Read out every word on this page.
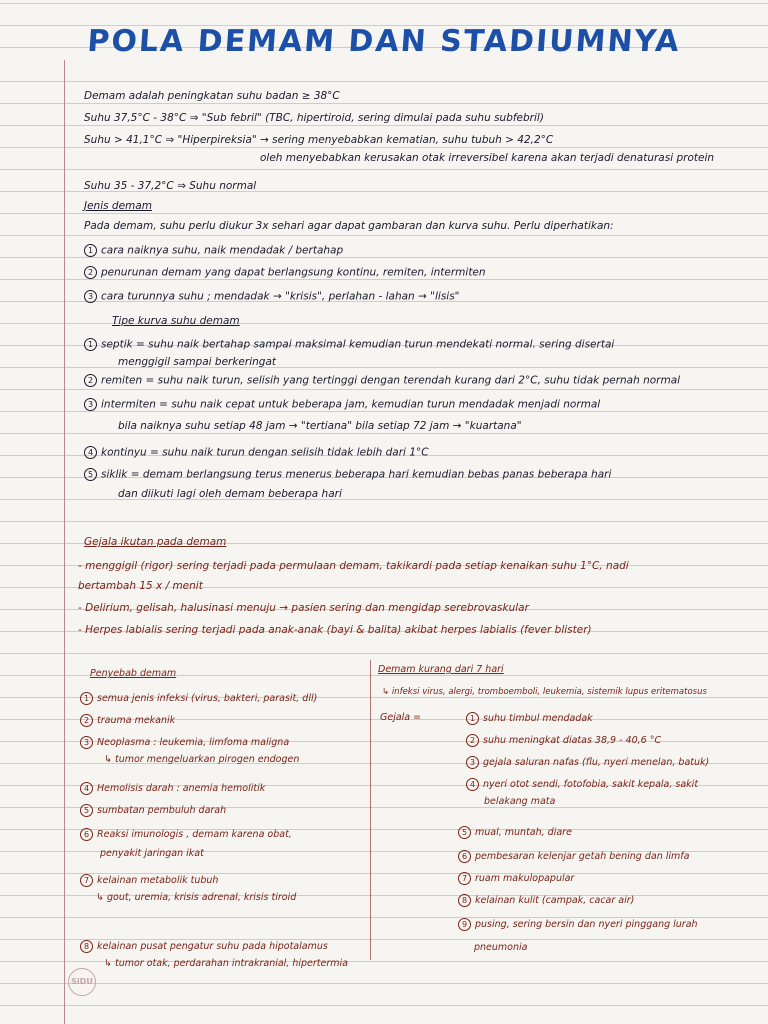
POLA DEMAM DAN STADIUMNYA
Demam adalah peningkatan suhu badan ≥ 38°C
Suhu 37,5°C - 38°C ⇒ "Sub febril" (TBC, hipertiroid, sering dimulai pada suhu subfebril)
Suhu > 41,1°C ⇒ "Hiperpireksia" → sering menyebabkan kematian, suhu tubuh > 42,2°C
oleh menyebabkan kerusakan otak irreversibel karena akan terjadi denaturasi protein
Suhu 35 - 37,2°C ⇒ Suhu normal
Jenis demam
Pada demam, suhu perlu diukur 3x sehari agar dapat gambaran dan kurva suhu. Perlu diperhatikan:
1 cara naiknya suhu, naik mendadak / bertahap
2 penurunan demam yang dapat berlangsung kontinu, remiten, intermiten
3 cara turunnya suhu ; mendadak → "krisis", perlahan - lahan → "lisis"
Tipe kurva suhu demam
1 septik = suhu naik bertahap sampai maksimal kemudian turun mendekati normal. sering disertai
menggigil sampai berkeringat
2 remiten = suhu naik turun, selisih yang tertinggi dengan terendah kurang dari 2°C, suhu tidak pernah normal
3 intermiten = suhu naik cepat untuk beberapa jam, kemudian turun mendadak menjadi normal
bila naiknya suhu setiap 48 jam → "tertiana" bila setiap 72 jam → "kuartana"
4 kontinyu = suhu naik turun dengan selisih tidak lebih dari 1°C
5 siklik = demam berlangsung terus menerus beberapa hari kemudian bebas panas beberapa hari
dan diikuti lagi oleh demam beberapa hari
Gejala ikutan pada demam
- menggigil (rigor) sering terjadi pada permulaan demam, takikardi pada setiap kenaikan suhu 1°C, nadi
bertambah 15 x / menit
- Delirium, gelisah, halusinasi menuju → pasien sering dan mengidap serebrovaskular
- Herpes labialis sering terjadi pada anak-anak (bayi & balita) akibat herpes labialis (fever blister)
Penyebab demam
1 semua jenis infeksi (virus, bakteri, parasit, dll)
2 trauma mekanik
3 Neoplasma : leukemia, limfoma maligna
↳ tumor mengeluarkan pirogen endogen
4 Hemolisis darah : anemia hemolitik
5 sumbatan pembuluh darah
6 Reaksi imunologis , demam karena obat,
penyakit jaringan ikat
7 kelainan metabolik tubuh
↳ gout, uremia, krisis adrenal, krisis tiroid
8 kelainan pusat pengatur suhu pada hipotalamus
↳ tumor otak, perdarahan intrakranial, hipertermia
Demam kurang dari 7 hari
↳ infeksi virus, alergi, tromboemboli, leukemia, sistemik lupus eritematosus
Gejala =	1 suhu timbul mendadak
2 suhu meningkat diatas 38,9 - 40,6 °C
3 gejala saluran nafas (flu, nyeri menelan, batuk)
4 nyeri otot sendi, fotofobia, sakit kepala, sakit
belakang mata
5 mual, muntah, diare
6 pembesaran kelenjar getah bening dan limfa
7 ruam makulopapular
8 kelainan kulit (campak, cacar air)
9 pusing, sering bersin dan nyeri pinggang lurah
pneumonia
SiDU
